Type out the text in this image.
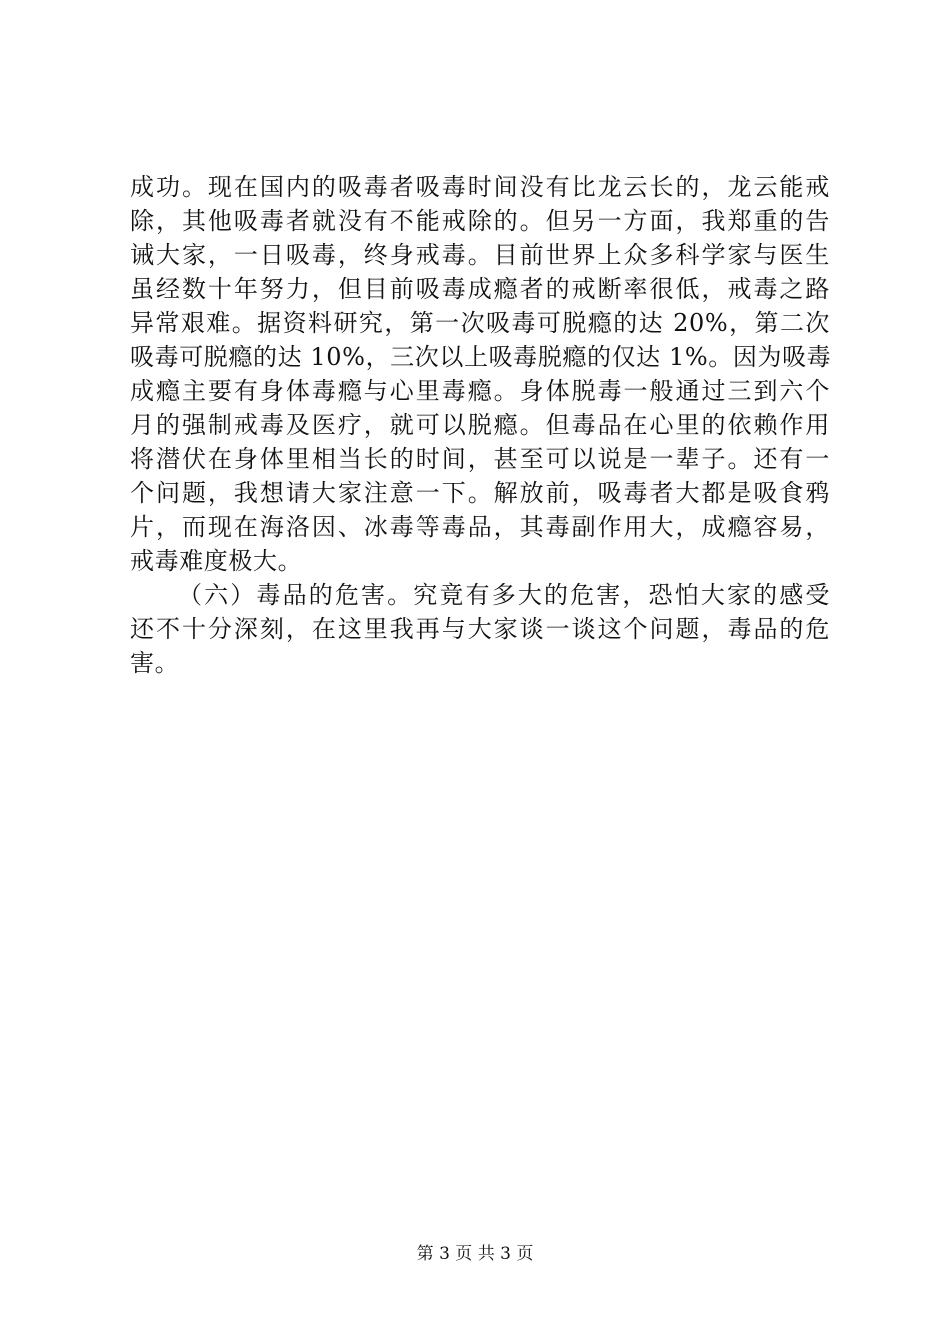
成功。现在国内的吸毒者吸毒时间没有比龙云长的，龙云能戒
除，其他吸毒者就没有不能戒除的。但另一方面，我郑重的告
诫大家，一日吸毒，终身戒毒。目前世界上众多科学家与医生
虽经数十年努力，但目前吸毒成瘾者的戒断率很低，戒毒之路
异常艰难。据资料研究，第一次吸毒可脱瘾的达 20%，第二次
吸毒可脱瘾的达 10%，三次以上吸毒脱瘾的仅达 1%。因为吸毒
成瘾主要有身体毒瘾与心里毒瘾。身体脱毒一般通过三到六个
月的强制戒毒及医疗，就可以脱瘾。但毒品在心里的依赖作用
将潜伏在身体里相当长的时间，甚至可以说是一辈子。还有一
个问题，我想请大家注意一下。解放前，吸毒者大都是吸食鸦
片，而现在海洛因、冰毒等毒品，其毒副作用大，成瘾容易，
戒毒难度极大。
（六）毒品的危害。究竟有多大的危害，恐怕大家的感受
还不十分深刻，在这里我再与大家谈一谈这个问题，毒品的危
害。
第 3 页 共 3 页
